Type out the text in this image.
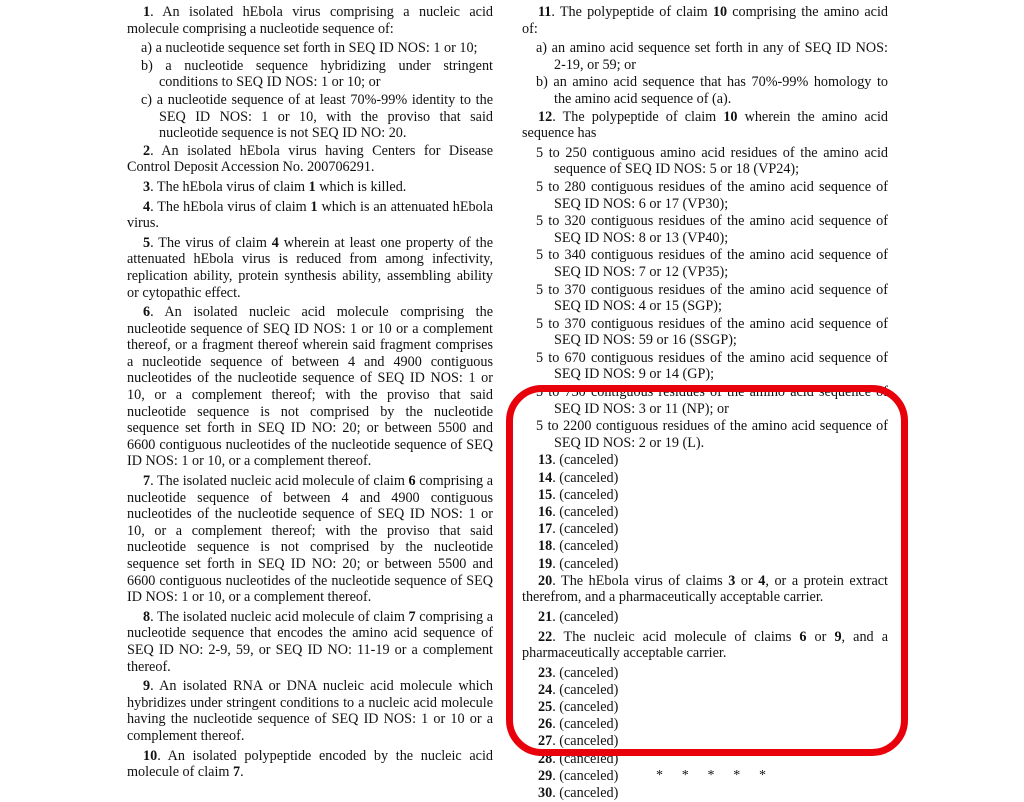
1. An isolated hEbola virus comprising a nucleic acid molecule comprising a nucleotide sequence of:

a) a nucleotide sequence set forth in SEQ ID NOS: 1 or 10;

b) a nucleotide sequence hybridizing under stringent conditions to SEQ ID NOS: 1 or 10; or

c) a nucleotide sequence of at least 70%-99% identity to the SEQ ID NOS: 1 or 10, with the proviso that said nucleotide sequence is not SEQ ID NO: 20.

2. An isolated hEbola virus having Centers for Disease Control Deposit Accession No. 200706291.

3. The hEbola virus of claim 1 which is killed.

4. The hEbola virus of claim 1 which is an attenuated hEbola virus.

5. The virus of claim 4 wherein at least one property of the attenuated hEbola virus is reduced from among infectivity, replication ability, protein synthesis ability, assembling ability or cytopathic effect.

6. An isolated nucleic acid molecule comprising the nucleotide sequence of SEQ ID NOS: 1 or 10 or a complement thereof, or a fragment thereof wherein said fragment comprises a nucleotide sequence of between 4 and 4900 contiguous nucleotides of the nucleotide sequence of SEQ ID NOS: 1 or 10, or a complement thereof; with the proviso that said nucleotide sequence is not comprised by the nucleotide sequence set forth in SEQ ID NO: 20; or between 5500 and 6600 contiguous nucleotides of the nucleotide sequence of SEQ ID NOS: 1 or 10, or a complement thereof.

7. The isolated nucleic acid molecule of claim 6 comprising a nucleotide sequence of between 4 and 4900 contiguous nucleotides of the nucleotide sequence of SEQ ID NOS: 1 or 10, or a complement thereof; with the proviso that said nucleotide sequence is not comprised by the nucleotide sequence set forth in SEQ ID NO: 20; or between 5500 and 6600 contiguous nucleotides of the nucleotide sequence of SEQ ID NOS: 1 or 10, or a complement thereof.

8. The isolated nucleic acid molecule of claim 7 comprising a nucleotide sequence that encodes the amino acid sequence of SEQ ID NO: 2-9, 59, or SEQ ID NO: 11-19 or a complement thereof.

9. An isolated RNA or DNA nucleic acid molecule which hybridizes under stringent conditions to a nucleic acid molecule having the nucleotide sequence of SEQ ID NOS: 1 or 10 or a complement thereof.

10. An isolated polypeptide encoded by the nucleic acid molecule of claim 7.

11. The polypeptide of claim 10 comprising the amino acid of:

a) an amino acid sequence set forth in any of SEQ ID NOS: 2-19, or 59; or

b) an amino acid sequence that has 70%-99% homology to the amino acid sequence of (a).

12. The polypeptide of claim 10 wherein the amino acid sequence has

5 to 250 contiguous amino acid residues of the amino acid sequence of SEQ ID NOS: 5 or 18 (VP24);

5 to 280 contiguous residues of the amino acid sequence of SEQ ID NOS: 6 or 17 (VP30);

5 to 320 contiguous residues of the amino acid sequence of SEQ ID NOS: 8 or 13 (VP40);

5 to 340 contiguous residues of the amino acid sequence of SEQ ID NOS: 7 or 12 (VP35);

5 to 370 contiguous residues of the amino acid sequence of SEQ ID NOS: 4 or 15 (SGP);

5 to 370 contiguous residues of the amino acid sequence of SEQ ID NOS: 59 or 16 (SSGP);

5 to 670 contiguous residues of the amino acid sequence of SEQ ID NOS: 9 or 14 (GP);

5 to 730 contiguous residues of the amino acid sequence of SEQ ID NOS: 3 or 11 (NP); or

5 to 2200 contiguous residues of the amino acid sequence of SEQ ID NOS: 2 or 19 (L).

13. (canceled)

14. (canceled)

15. (canceled)

16. (canceled)

17. (canceled)

18. (canceled)

19. (canceled)

20. The hEbola virus of claims 3 or 4, or a protein extract therefrom, and a pharmaceutically acceptable carrier.

21. (canceled)

22. The nucleic acid molecule of claims 6 or 9, and a pharmaceutically acceptable carrier.

23. (canceled)

24. (canceled)

25. (canceled)

26. (canceled)

27. (canceled)

28. (canceled)

29. (canceled)

30. (canceled)

* * * * *
